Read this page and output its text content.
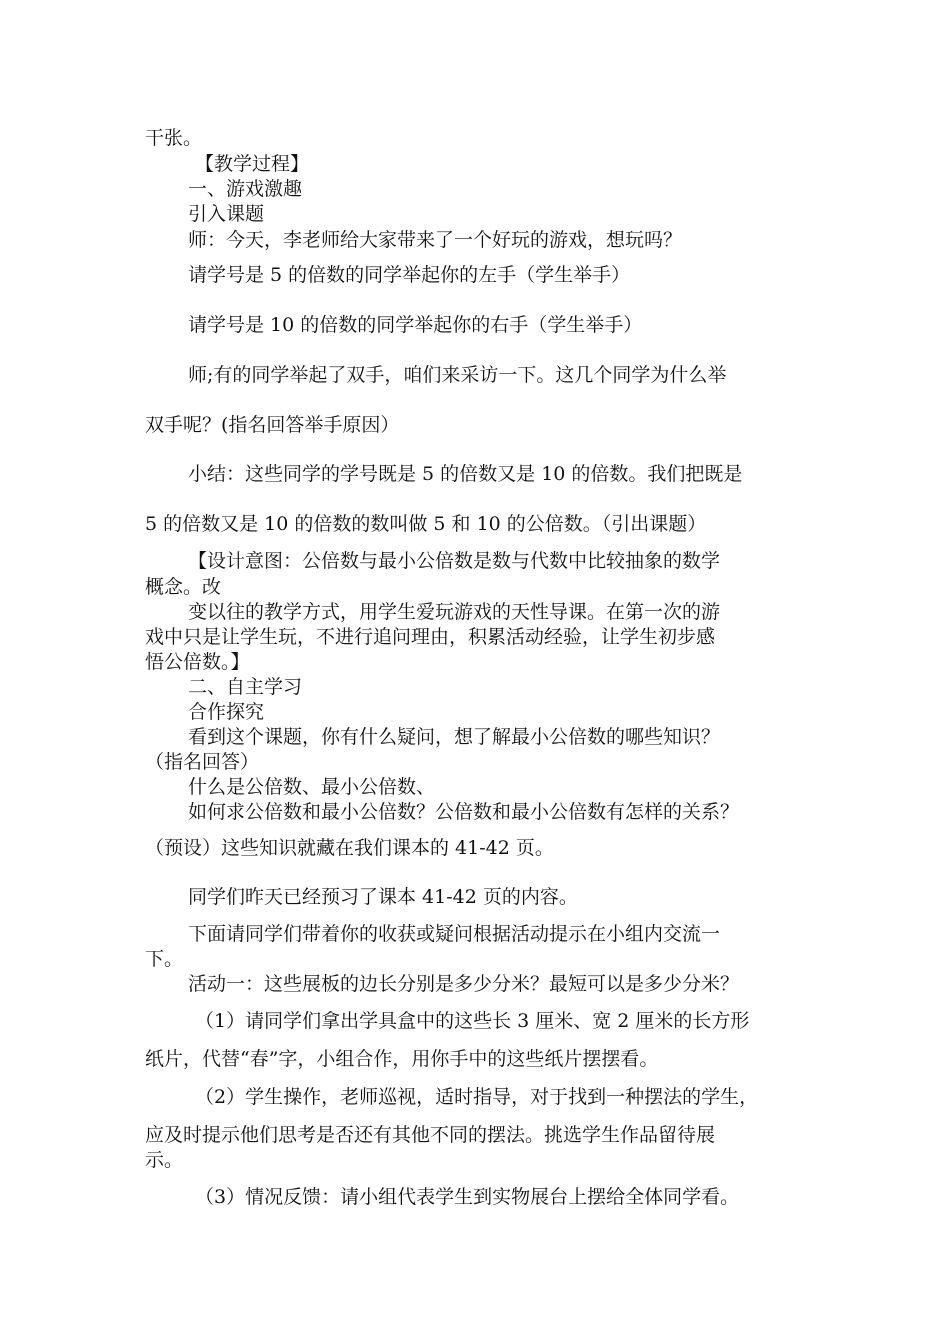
干张。

【教学过程】

一、游戏激趣

引入课题

师：今天，李老师给大家带来了一个好玩的游戏，想玩吗？

请学号是 5 的倍数的同学举起你的左手（学生举手）

请学号是 10 的倍数的同学举起你的右手（学生举手）

师;有的同学举起了双手，咱们来采访一下。这几个同学为什么举

双手呢？(指名回答举手原因）

小结：这些同学的学号既是 5 的倍数又是 10 的倍数。我们把既是

5 的倍数又是 10 的倍数的数叫做 5 和 10 的公倍数。（引出课题）

【设计意图：公倍数与最小公倍数是数与代数中比较抽象的数学

概念。改

变以往的教学方式，用学生爱玩游戏的天性导课。在第一次的游

戏中只是让学生玩，不进行追问理由，积累活动经验，让学生初步感

悟公倍数。】

二、自主学习

合作探究

看到这个课题，你有什么疑问，想了解最小公倍数的哪些知识？

（指名回答）

什么是公倍数、最小公倍数、

如何求公倍数和最小公倍数？公倍数和最小公倍数有怎样的关系？

（预设）这些知识就藏在我们课本的 41-42 页。

同学们昨天已经预习了课本 41-42 页的内容。

下面请同学们带着你的收获或疑问根据活动提示在小组内交流一

下。

活动一：这些展板的边长分别是多少分米？最短可以是多少分米？

（1）请同学们拿出学具盒中的这些长 3 厘米、宽 2 厘米的长方形

纸片，代替“春”字，小组合作，用你手中的这些纸片摆摆看。

（2）学生操作，老师巡视，适时指导，对于找到一种摆法的学生，

应及时提示他们思考是否还有其他不同的摆法。挑选学生作品留待展

示。

（3）情况反馈：请小组代表学生到实物展台上摆给全体同学看。
